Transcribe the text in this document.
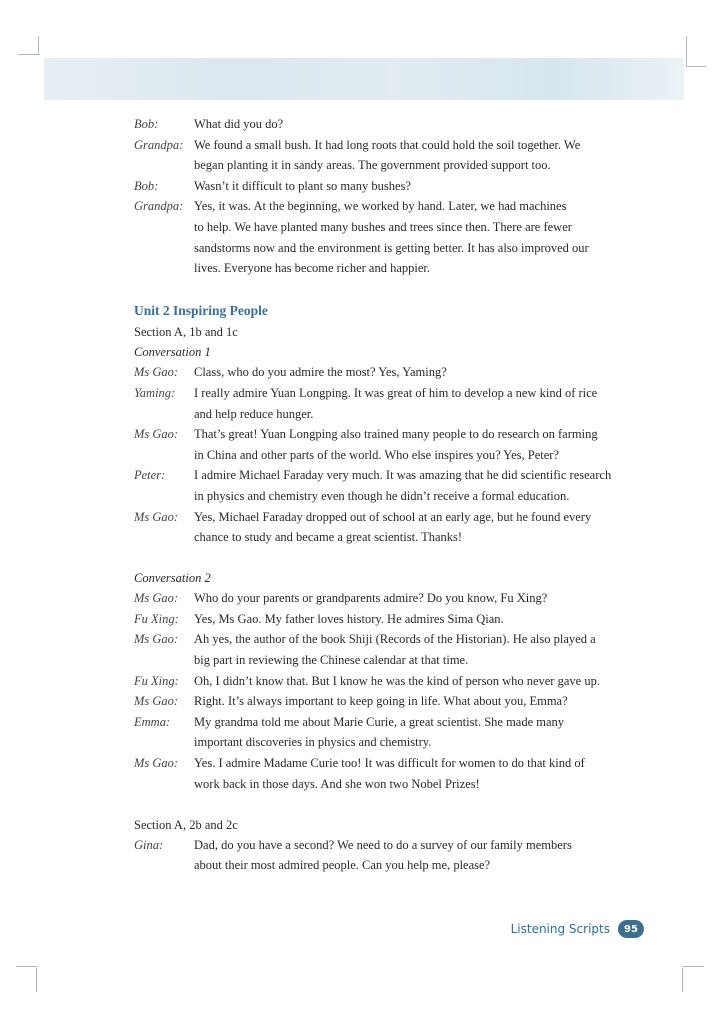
Bob:	What did you do?
Grandpa: We found a small bush. It had long roots that could hold the soil together. We
began planting it in sandy areas. The government provided support too.
Bob:	Wasn’t it difficult to plant so many bushes?
Grandpa: Yes, it was. At the beginning, we worked by hand. Later, we had machines
to help. We have planted many bushes and trees since then. There are fewer
sandstorms now and the environment is getting better. It has also improved our
lives. Everyone has become richer and happier.
Unit 2 Inspiring People
Section A, 1b and 1c
Conversation 1
Ms Gao:	Class, who do you admire the most? Yes, Yaming?
Yaming:	I really admire Yuan Longping. It was great of him to develop a new kind of rice
and help reduce hunger.
Ms Gao:	That’s great! Yuan Longping also trained many people to do research on farming
in China and other parts of the world. Who else inspires you? Yes, Peter?
Peter:	I admire Michael Faraday very much. It was amazing that he did scientific research
in physics and chemistry even though he didn’t receive a formal education.
Ms Gao:	Yes, Michael Faraday dropped out of school at an early age, but he found every
chance to study and became a great scientist. Thanks!
Conversation 2
Ms Gao:	Who do your parents or grandparents admire? Do you know, Fu Xing?
Fu Xing:	Yes, Ms Gao. My father loves history. He admires Sima Qian.
Ms Gao:	Ah yes, the author of the book Shiji (Records of the Historian). He also played a
big part in reviewing the Chinese calendar at that time.
Fu Xing:	Oh, I didn’t know that. But I know he was the kind of person who never gave up.
Ms Gao:	Right. It’s always important to keep going in life. What about you, Emma?
Emma:	My grandma told me about Marie Curie, a great scientist. She made many
important discoveries in physics and chemistry.
Ms Gao:	Yes. I admire Madame Curie too! It was difficult for women to do that kind of
work back in those days. And she won two Nobel Prizes!
Section A, 2b and 2c
Gina:	Dad, do you have a second? We need to do a survey of our family members
about their most admired people. Can you help me, please?
Listening Scripts	95
